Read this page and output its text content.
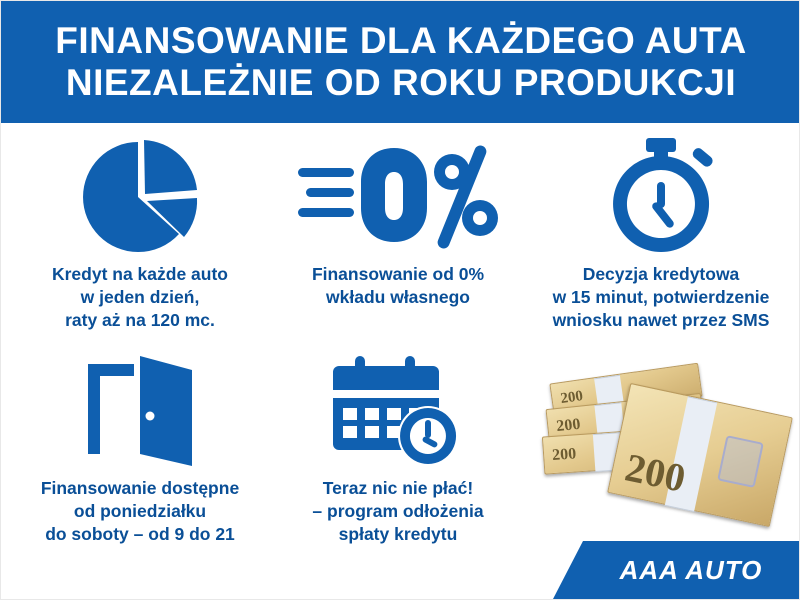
FINANSOWANIE DLA KAŻDEGO AUTA
NIEZALEŻNIE OD ROKU PRODUKCJI
Kredyt na każde auto
w jeden dzień,
raty aż na 120 mc.
Finansowanie od 0%
wkładu własnego
Decyzja kredytowa
w 15 minut, potwierdzenie
wniosku nawet przez SMS
Finansowanie dostępne
od poniedziałku
do soboty – od 9 do 21
Teraz nic nie płać!
– program odłożenia
spłaty kredytu
200
200
200 200
AAA AUTO
